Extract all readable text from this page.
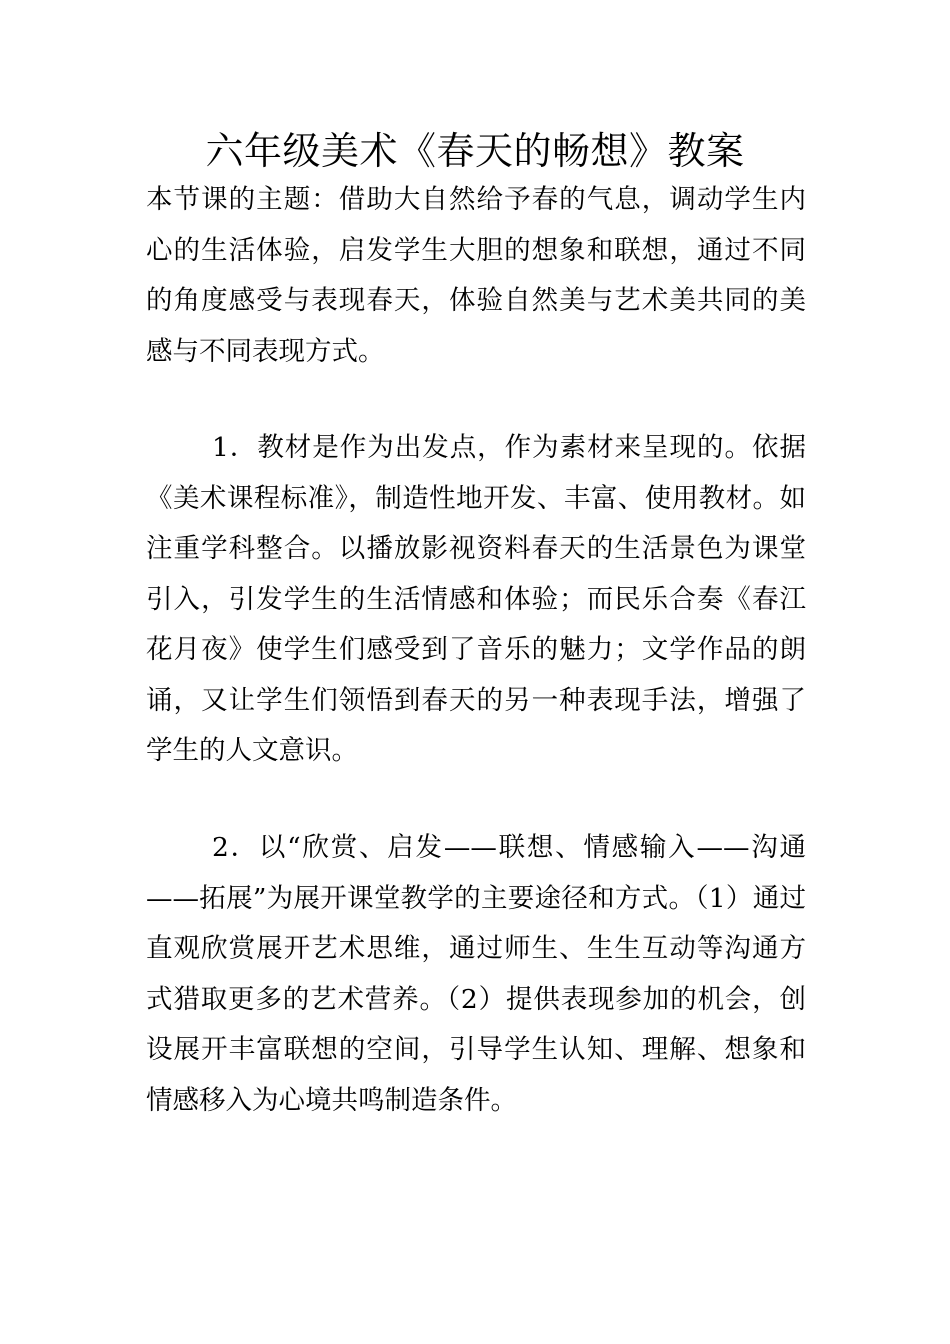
六年级美术《春天的畅想》教案

本节课的主题：借助大自然给予春的气息，调动学生内心的生活体验，启发学生大胆的想象和联想，通过不同的角度感受与表现春天，体验自然美与艺术美共同的美感与不同表现方式。

1．教材是作为出发点，作为素材来呈现的。依据《美术课程标准》，制造性地开发、丰富、使用教材。如注重学科整合。以播放影视资料春天的生活景色为课堂引入，引发学生的生活情感和体验；而民乐合奏《春江花月夜》使学生们感受到了音乐的魅力；文学作品的朗诵，又让学生们领悟到春天的另一种表现手法，增强了学生的人文意识。

2．以“欣赏、启发——联想、情感输入——沟通——拓展”为展开课堂教学的主要途径和方式。（1）通过直观欣赏展开艺术思维，通过师生、生生互动等沟通方式猎取更多的艺术营养。（2）提供表现参加的机会，创设展开丰富联想的空间，引导学生认知、理解、想象和情感移入为心境共鸣制造条件。
